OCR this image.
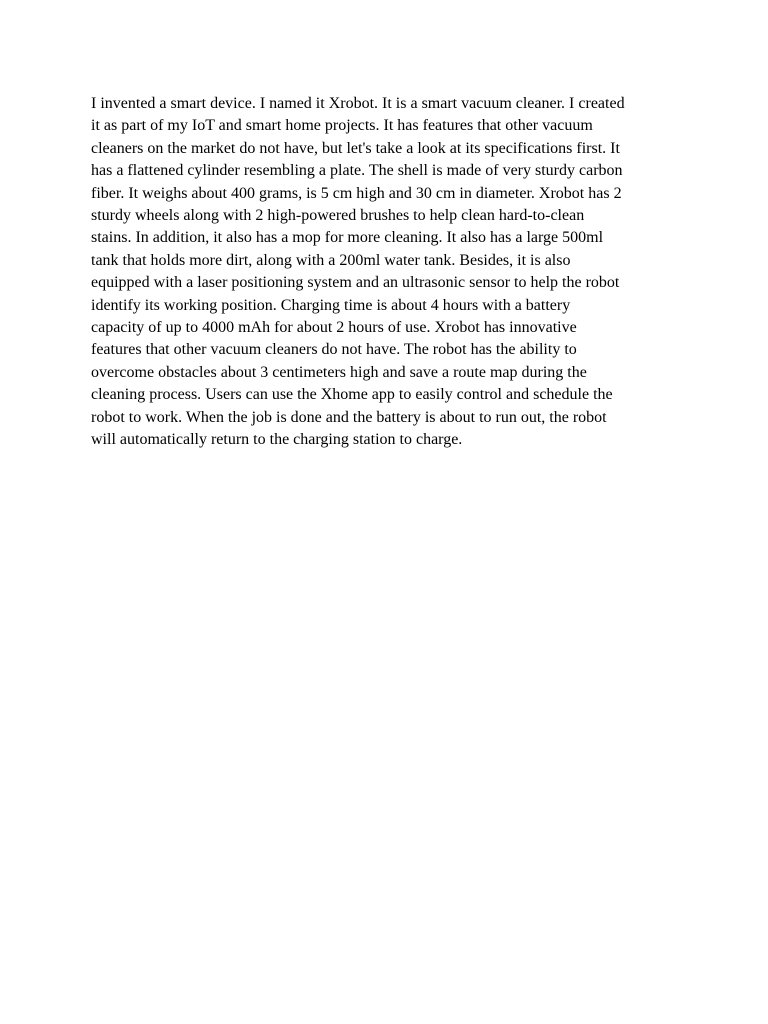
I invented a smart device. I named it Xrobot. It is a smart vacuum cleaner. I created
it as part of my IoT and smart home projects. It has features that other vacuum
cleaners on the market do not have, but let's take a look at its specifications first. It
has a flattened cylinder resembling a plate. The shell is made of very sturdy carbon
fiber. It weighs about 400 grams, is 5 cm high and 30 cm in diameter. Xrobot has 2
sturdy wheels along with 2 high-powered brushes to help clean hard-to-clean
stains. In addition, it also has a mop for more cleaning. It also has a large 500ml
tank that holds more dirt, along with a 200ml water tank. Besides, it is also
equipped with a laser positioning system and an ultrasonic sensor to help the robot
identify its working position. Charging time is about 4 hours with a battery
capacity of up to 4000 mAh for about 2 hours of use. Xrobot has innovative
features that other vacuum cleaners do not have. The robot has the ability to
overcome obstacles about 3 centimeters high and save a route map during the
cleaning process. Users can use the Xhome app to easily control and schedule the
robot to work. When the job is done and the battery is about to run out, the robot
will automatically return to the charging station to charge.
